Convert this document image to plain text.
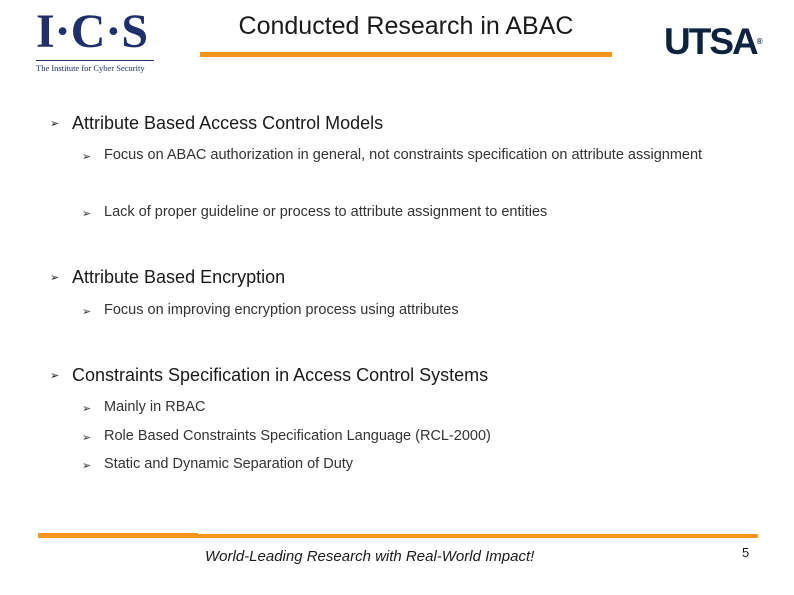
I·C·S
The Institute for Cyber Security
Conducted Research in ABAC	UTSA®
➢ Attribute Based Access Control Models
➢ Focus on ABAC authorization in general, not constraints specification on attribute assignment
➢ Lack of proper guideline or process to attribute assignment to entities
➢ Attribute Based Encryption
➢ Focus on improving encryption process using attributes
➢ Constraints Specification in Access Control Systems
➢ Mainly in RBAC
➢ Role Based Constraints Specification Language (RCL-2000)
➢ Static and Dynamic Separation of Duty
World-Leading Research with Real-World Impact!	5
